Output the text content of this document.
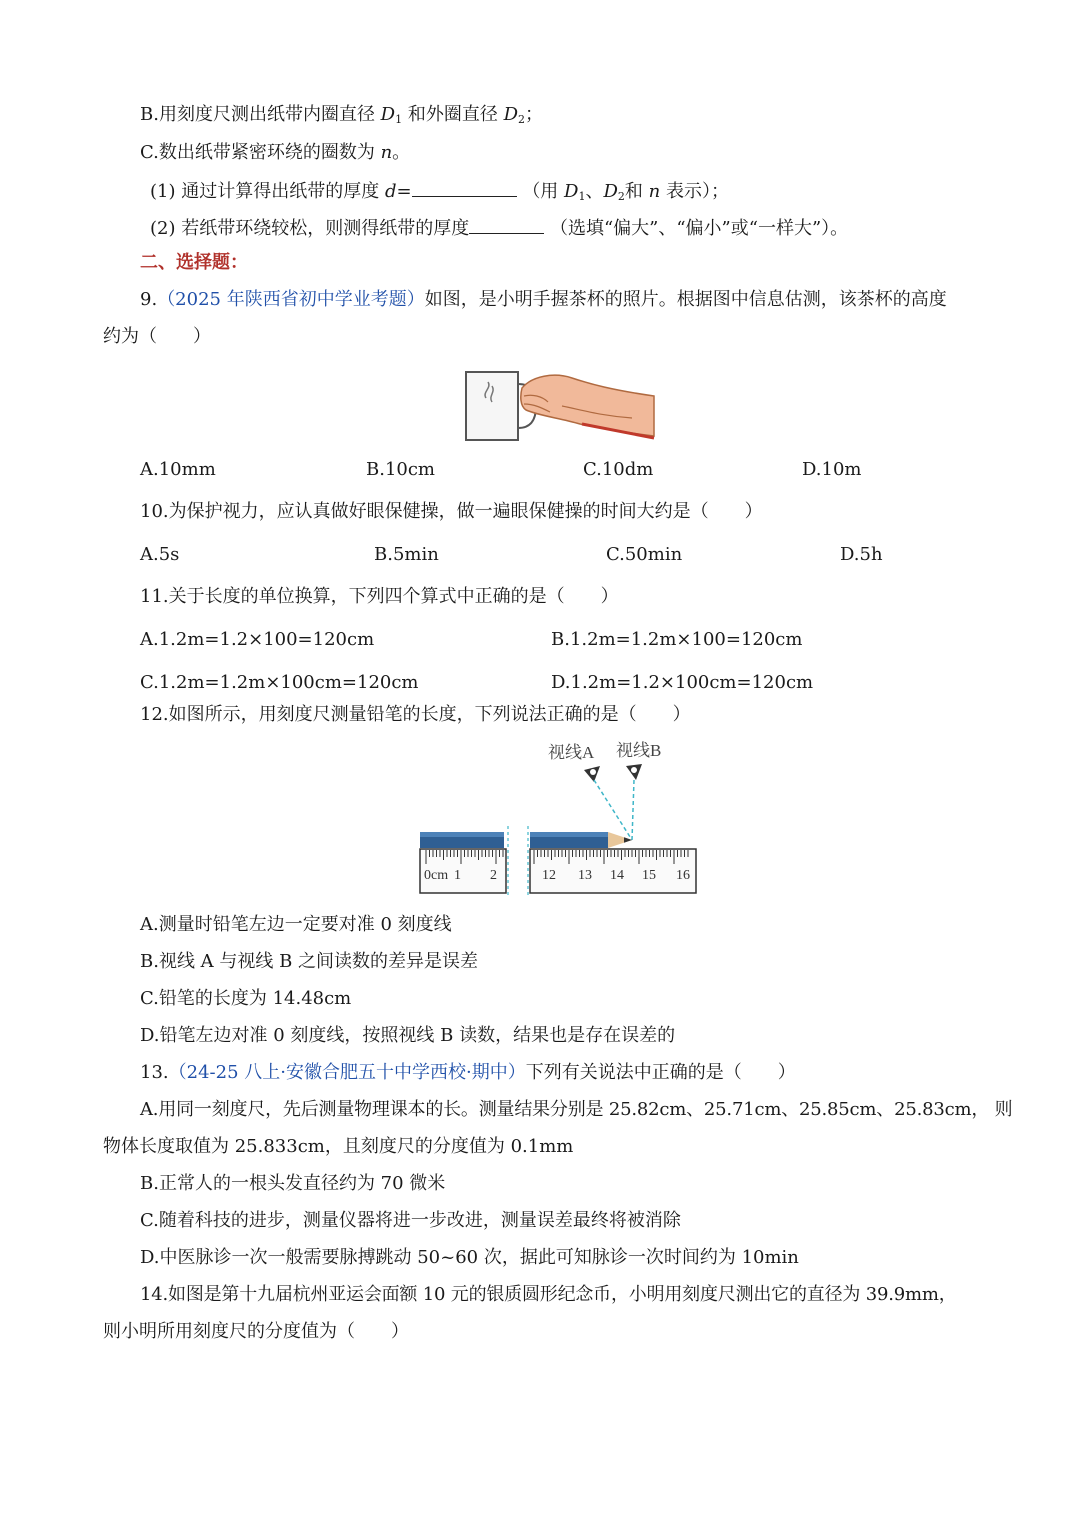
B.用刻度尺测出纸带内圈直径 $D_1$ 和外圈直径 $D_2$；
C.数出纸带紧密环绕的圈数为 n。
(1) 通过计算得出纸带的厚度 d=	（用 $D_1$、$D_2$和 n 表示）；
(2) 若纸带环绕较松，则测得纸带的厚度	（选填“偏大”、“偏小”或“一样大”）。
二、选择题：
9.（2025 年陕西省初中学业考题）如图，是小明手握茶杯的照片。根据图中信息估测，该茶杯的高度
约为（　　）
A.10mm	B.10cm	C.10dm	D.10m
10.为保护视力，应认真做好眼保健操，做一遍眼保健操的时间大约是（　　）
A.5s	B.5min	C.50min	D.5h
11.关于长度的单位换算，下列四个算式中正确的是（　　）
A.1.2m=1.2×100=120cm	B.1.2m=1.2m×100=120cm
C.1.2m=1.2m×100cm=120cm	D.1.2m=1.2×100cm=120cm
12.如图所示，用刻度尺测量铅笔的长度，下列说法正确的是（　　）
视线A 视线B
0cm 1 2	12 13 14 15 16
A.测量时铅笔左边一定要对准 0 刻度线
B.视线 A 与视线 B 之间读数的差异是误差
C.铅笔的长度为 14.48cm
D.铅笔左边对准 0 刻度线，按照视线 B 读数，结果也是存在误差的
13.（24-25 八上·安徽合肥五十中学西校·期中）下列有关说法中正确的是（　　）
A.用同一刻度尺，先后测量物理课本的长。测量结果分别是 25.82cm、25.71cm、25.85cm、25.83cm， 则
物体长度取值为 25.833cm，且刻度尺的分度值为 0.1mm
B.正常人的一根头发直径约为 70 微米
C.随着科技的进步，测量仪器将进一步改进，测量误差最终将被消除
D.中医脉诊一次一般需要脉搏跳动 50~60 次，据此可知脉诊一次时间约为 10min
14.如图是第十九届杭州亚运会面额 10 元的银质圆形纪念币，小明用刻度尺测出它的直径为 39.9mm，
则小明所用刻度尺的分度值为（　　）
